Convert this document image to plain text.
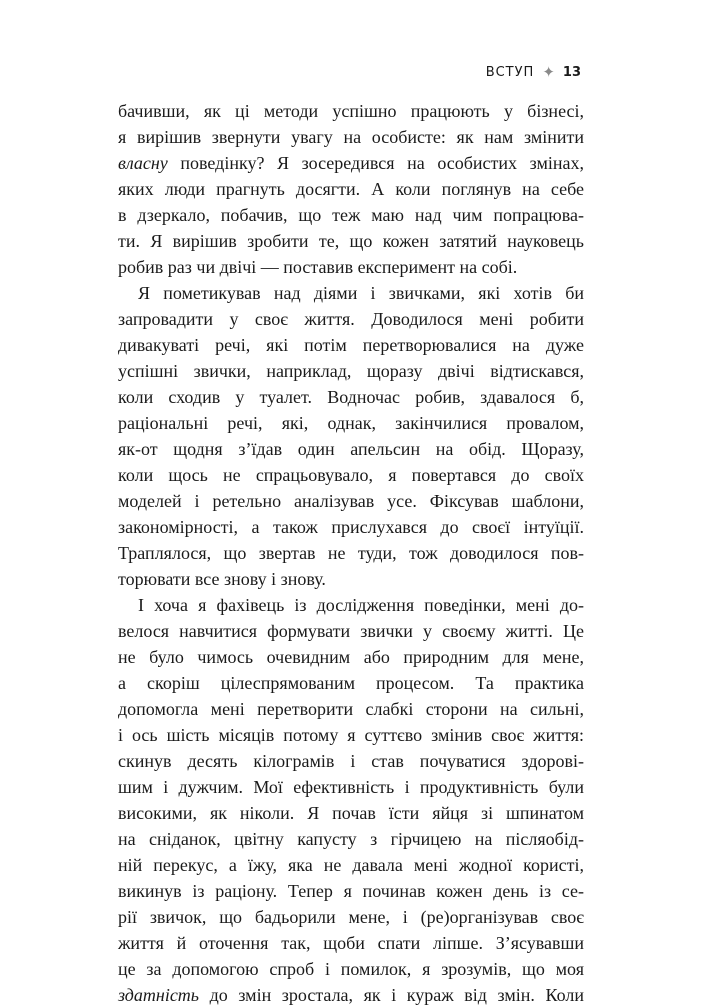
ВСТУП ✦ 13

бачивши, як ці методи успішно працюють у бізнесі,
я вирішив звернути увагу на особисте: як нам змінити
власну поведінку? Я зосередився на особистих змінах,
яких люди прагнуть досягти. А коли поглянув на себе
в дзеркало, побачив, що теж маю над чим попрацюва-
ти. Я вирішив зробити те, що кожен затятий науковець
робив раз чи двічі — поставив експеримент на собі.

Я пометикував над діями і звичками, які хотів би
запровадити у своє життя. Доводилося мені робити
дивакуваті речі, які потім перетворювалися на дуже
успішні звички, наприклад, щоразу двічі відтискався,
коли сходив у туалет. Водночас робив, здавалося б,
раціональні речі, які, однак, закінчилися провалом,
як-от щодня з’їдав один апельсин на обід. Щоразу,
коли щось не спрацьовувало, я повертався до своїх
моделей і ретельно аналізував усе. Фіксував шаблони,
закономірності, а також прислухався до своєї інтуїції.
Траплялося, що звертав не туди, тож доводилося пов-
торювати все знову і знову.

І хоча я фахівець із дослідження поведінки, мені до-
велося навчитися формувати звички у своєму житті. Це
не було чимось очевидним або природним для мене,
а скоріш цілеспрямованим процесом. Та практика
допомогла мені перетворити слабкі сторони на сильні,
і ось шість місяців потому я суттєво змінив своє життя:
скинув десять кілограмів і став почуватися здорові-
шим і дужчим. Мої ефективність і продуктивність були
високими, як ніколи. Я почав їсти яйця зі шпинатом
на сніданок, цвітну капусту з гірчицею на післяобід-
ній перекус, а їжу, яка не давала мені жодної користі,
викинув із раціону. Тепер я починав кожен день із се-
рії звичок, що бадьорили мене, і (ре)організував своє
життя й оточення так, щоби спати ліпше. З’ясувавши
це за допомогою спроб і помилок, я зрозумів, що моя
здатність до змін зростала, як і кураж від змін. Коли
